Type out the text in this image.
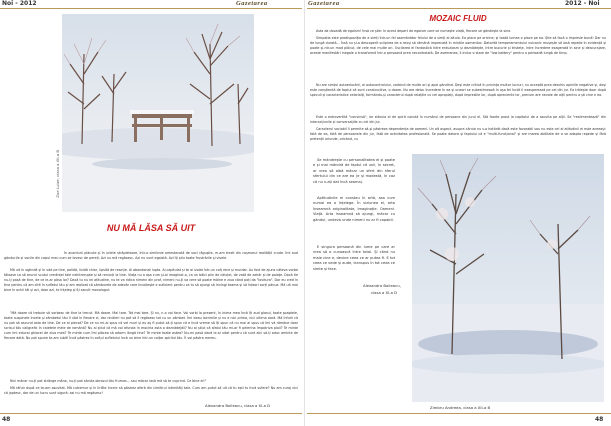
Noi - 2012	Gazetarea
Zoe Luize, clasa a XII-a B
NU MĂ LĂSA SĂ UIT

În acordurii plăcute și în urlete străpietoare, într-o simfonie amestecată de voci răgușite, m-am trezit din coșmarul realității crude. Îmi aud gândurile și vocile din capul meu cum se lovesc de pereți. Azi nu mă regăsesc. Azi nu sunt egoistă. Azi îți știu toate frustrările și visele.

Mă uit în oglindă și în văd pe tine, palidă, lividă chiar, lipsită de reacție. Ai abandonat lupta. Ai capitulat și te ai izolat într-un colț rece și murdar. Au fost de ajuns câteva vorbe tăioase ca să arunci scutul credinței tale neîntrerupte și să renunți la tine. Viața nu a așa cum și-ai imaginat-o, ca un bâlci plin de căluței, de vată de zahăr și de paiațe. Dacă tie nu-ți pasă de tine, de ce le-ar păsa lor? Dacă tu nu iei atitudine, nu te va ridica nimeni din praf, nimeni nu-ți va cere să poate măine e ziua când poți da "lovitura". Dar eu cred în tine pentru că am citit în sufletul tău și am realizat că sâmburele de adevăr care încolțește e suficient pentru ca tu să ajungi să învingi teama și să înțeori sorți pânua. Mă uit mai bine în ochii tăi și azi, doar azi, te înțeleg și îți ascult monologul:

"Mă doare că trebuie să vorbesc de tine la trecut. Mă doare. Mai tare. Tot mai tare. Și nu, n-o voi face. Voi vorbi la prezent, în inima mea încă îți aud glasul, toate șoaptele, toate suspinele încete și zâmbetul tău îl văd în fiecare zi, dar nicăieri nu pot să îl regăsesc tot cu un zâmbet. Îmi beau lacrimile și nu e nici prima, nici ultima oară. Mă înfurii că nu pot să ascund asta de tine. De ce ai plecat? De ce nu mi-ai spus că vei muri și eu aș fi putut să-ți spun că e încă vreme să îți spun că nu mai ai spus că îmi vă rămâne doar scrisul tău caligrafic în caietele mele de română? Nu ai știut că mă voi afunda în mocirla asta a deznădejdii? Nu ai știut că sfatul tău mi-ar fi pelerina împotriva ploii? Te minte cum îmi educai ghiocei de ziua mea? Te minte cum îmi plăcea să adorm lângă tine? Te minte toate astea? Nu-mi pasă dacă le-ai uitat pentru că sunt aici să-ți aduc aminte de fiecare dată. Nu pot spune te-am iubit! Încă păstrez în colțul sufletului încă un bine într-un colțar spiritul tău. Îl voi păstra mereu.

Nici măcar nu-ți pot strânge mâna, nu-ți pot săruta obrazul tău frumos... sau măcar lasă mă să te cuprind. Ce bine ei!"

Mă răfuir după ce te-am ascultat. Mă cutremur și în lirište încerc să păstrez aferă din cimitirul intimități tale. Cum am putut să uit că tu ești tu încă sufere? Nu am curaj nici că joptesc, dar de un lucru sunt sigură: azi nu mă regăsesc!

Alexandra Bolleacu, clasa a XI-a D
48
Gazetarea	2012 - Noi
MOZAIC FLUID

Asta da dovadă de egoism! Însă ce știe: în acest depart de egoism care se numește viață, fiecare se gândește la sine.

Simpatia este predispoziția de a simți într-un fel asemănător felului de a simți al altuia. Ea place pe oricine; și toată lumea o place pe ea. Știe să facă o impresie bună! Dar nu de lungă durată... Însă nu și-a descoperit sclipirea de a reuși să rămână imprecată în mintile oamenilor. Datorită temperamentului vulcanic reușește să iasă repede în evidență și poate și-ntr-un mod plăcut, de cele mai multe ori. Oscilarea ei fantastică între entuziasm și deznădejde, între bucurie și tristețe, între încredere exagerată în sine și descurajare, aceste manifestări inegale o transformă într-o persoană prea necontrolată. De asemenea, îi induc o stare de "low battery" pentru o perioadă lungă de timp.

Nu are simțul autoeducării, al autocontrolului, vorbind de multe ori și apoi gândind. Deși este critică în privința multor lucruri, nu acceptă prea deschis opiniile negative și, deși este conștientă de faptul că sunt constructive, o doare. Nu are deloc încredere în ea și uneori se subestimează în așa fel încât îi exasperează pe cei din jur. Ea trăiește doar după speculi și caracteristice celorlalți, formându-și caracterul după relațiile cu cei apropiați, după impresiile lor, după aprecierile lor, precum are nevoie de alții pentru a ști cine e ea.

Este o extrovertită "convinsă", iar stăruia ei de spirit constă în numărul de persoane din jurul ei. Stă foarte prost la capitolul de a asculta pe alții. Se "realimentează" din interacțiunile și conversațiile cu cei din jur.

Caracterul sociabil îi permite să-și păstreze dependența de oameni. Un alt aspect, asupra căruia nu s-a hotărât dacă este favorabil sau nu este cel al atitudinii ei este aceeași: fată de ea, fată de persoanele din jur, fată de activitatea profesională. Se poate datora și faptului că e "multi-funcțional" și are marea abilitate de a se adapta repede și fără pretenții oriunde, oricând, cu

Se mândrește cu personalitatea ei și poate e și mai mândră de faptul că unii, în secret, ar vrea să aibă măcar un sfert din sferul sfertului din ce are ea (e și modestă, în caz că nu v-ați dat încă seama).

Aptitudinile ei constau în artă, asa cum numai ea o înțelege. În viziunea ei, arta înseamnă originalitate, imaginație. Oameni. Viață. Arta înseamnă să ajungi, măcar cu gândul, undeva unde nimeni nu ar fi capabil.

E singura persoană din lume pe care ar vrea să o cunoască între total. Și când nu maie cine e, devine ceea ce ar putea fi. E tot ceea ce vede și aude, transpus în tot ceea ce simte și face.

Alexandra Bolleacu,
clasa a XI-a D
Zimbru Andreea, clasa a XII-a B
48
